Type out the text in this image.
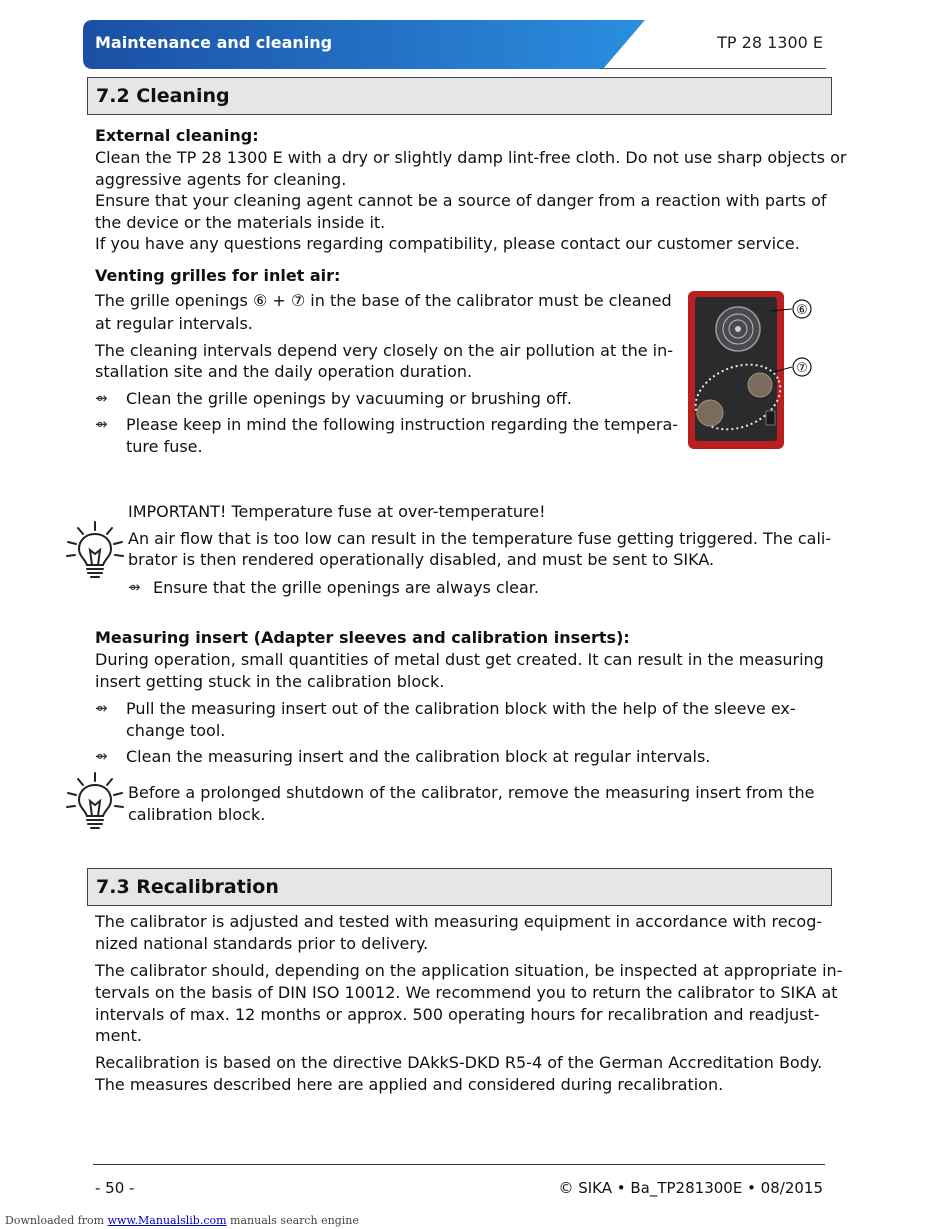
Maintenance and cleaning	TP 28 1300 E
7.2 Cleaning
External cleaning:
Clean the TP 28 1300 E with a dry or slightly damp lint-free cloth. Do not use sharp objects or
aggressive agents for cleaning.
Ensure that your cleaning agent cannot be a source of danger from a reaction with parts of
the device or the materials inside it.
If you have any questions regarding compatibility, please contact our customer service.
Venting grilles for inlet air:
The grille openings ⑥ + ⑦ in the base of the calibrator must be cleaned
at regular intervals.
The cleaning intervals depend very closely on the air pollution at the in-
stallation site and the daily operation duration.
⇴ Clean the grille openings by vacuuming or brushing off.
⇴ Please keep in mind the following instruction regarding the tempera-
ture fuse.
⑥
⑦
IMPORTANT! Temperature fuse at over-temperature!
An air flow that is too low can result in the temperature fuse getting triggered. The cali-
brator is then rendered operationally disabled, and must be sent to SIKA.
⇴ Ensure that the grille openings are always clear.
Measuring insert (Adapter sleeves and calibration inserts):
During operation, small quantities of metal dust get created. It can result in the measuring
insert getting stuck in the calibration block.
⇴ Pull the measuring insert out of the calibration block with the help of the sleeve ex-
change tool.
⇴ Clean the measuring insert and the calibration block at regular intervals.
Before a prolonged shutdown of the calibrator, remove the measuring insert from the
calibration block.
7.3 Recalibration
The calibrator is adjusted and tested with measuring equipment in accordance with recog-
nized national standards prior to delivery.
The calibrator should, depending on the application situation, be inspected at appropriate in-
tervals on the basis of DIN ISO 10012. We recommend you to return the calibrator to SIKA at
intervals of max. 12 months or approx. 500 operating hours for recalibration and readjust-
ment.
Recalibration is based on the directive DAkkS-DKD R5-4 of the German Accreditation Body.
The measures described here are applied and considered during recalibration.
- 50 -	© SIKA • Ba_TP281300E • 08/2015
Downloaded from www.Manualslib.com manuals search engine
